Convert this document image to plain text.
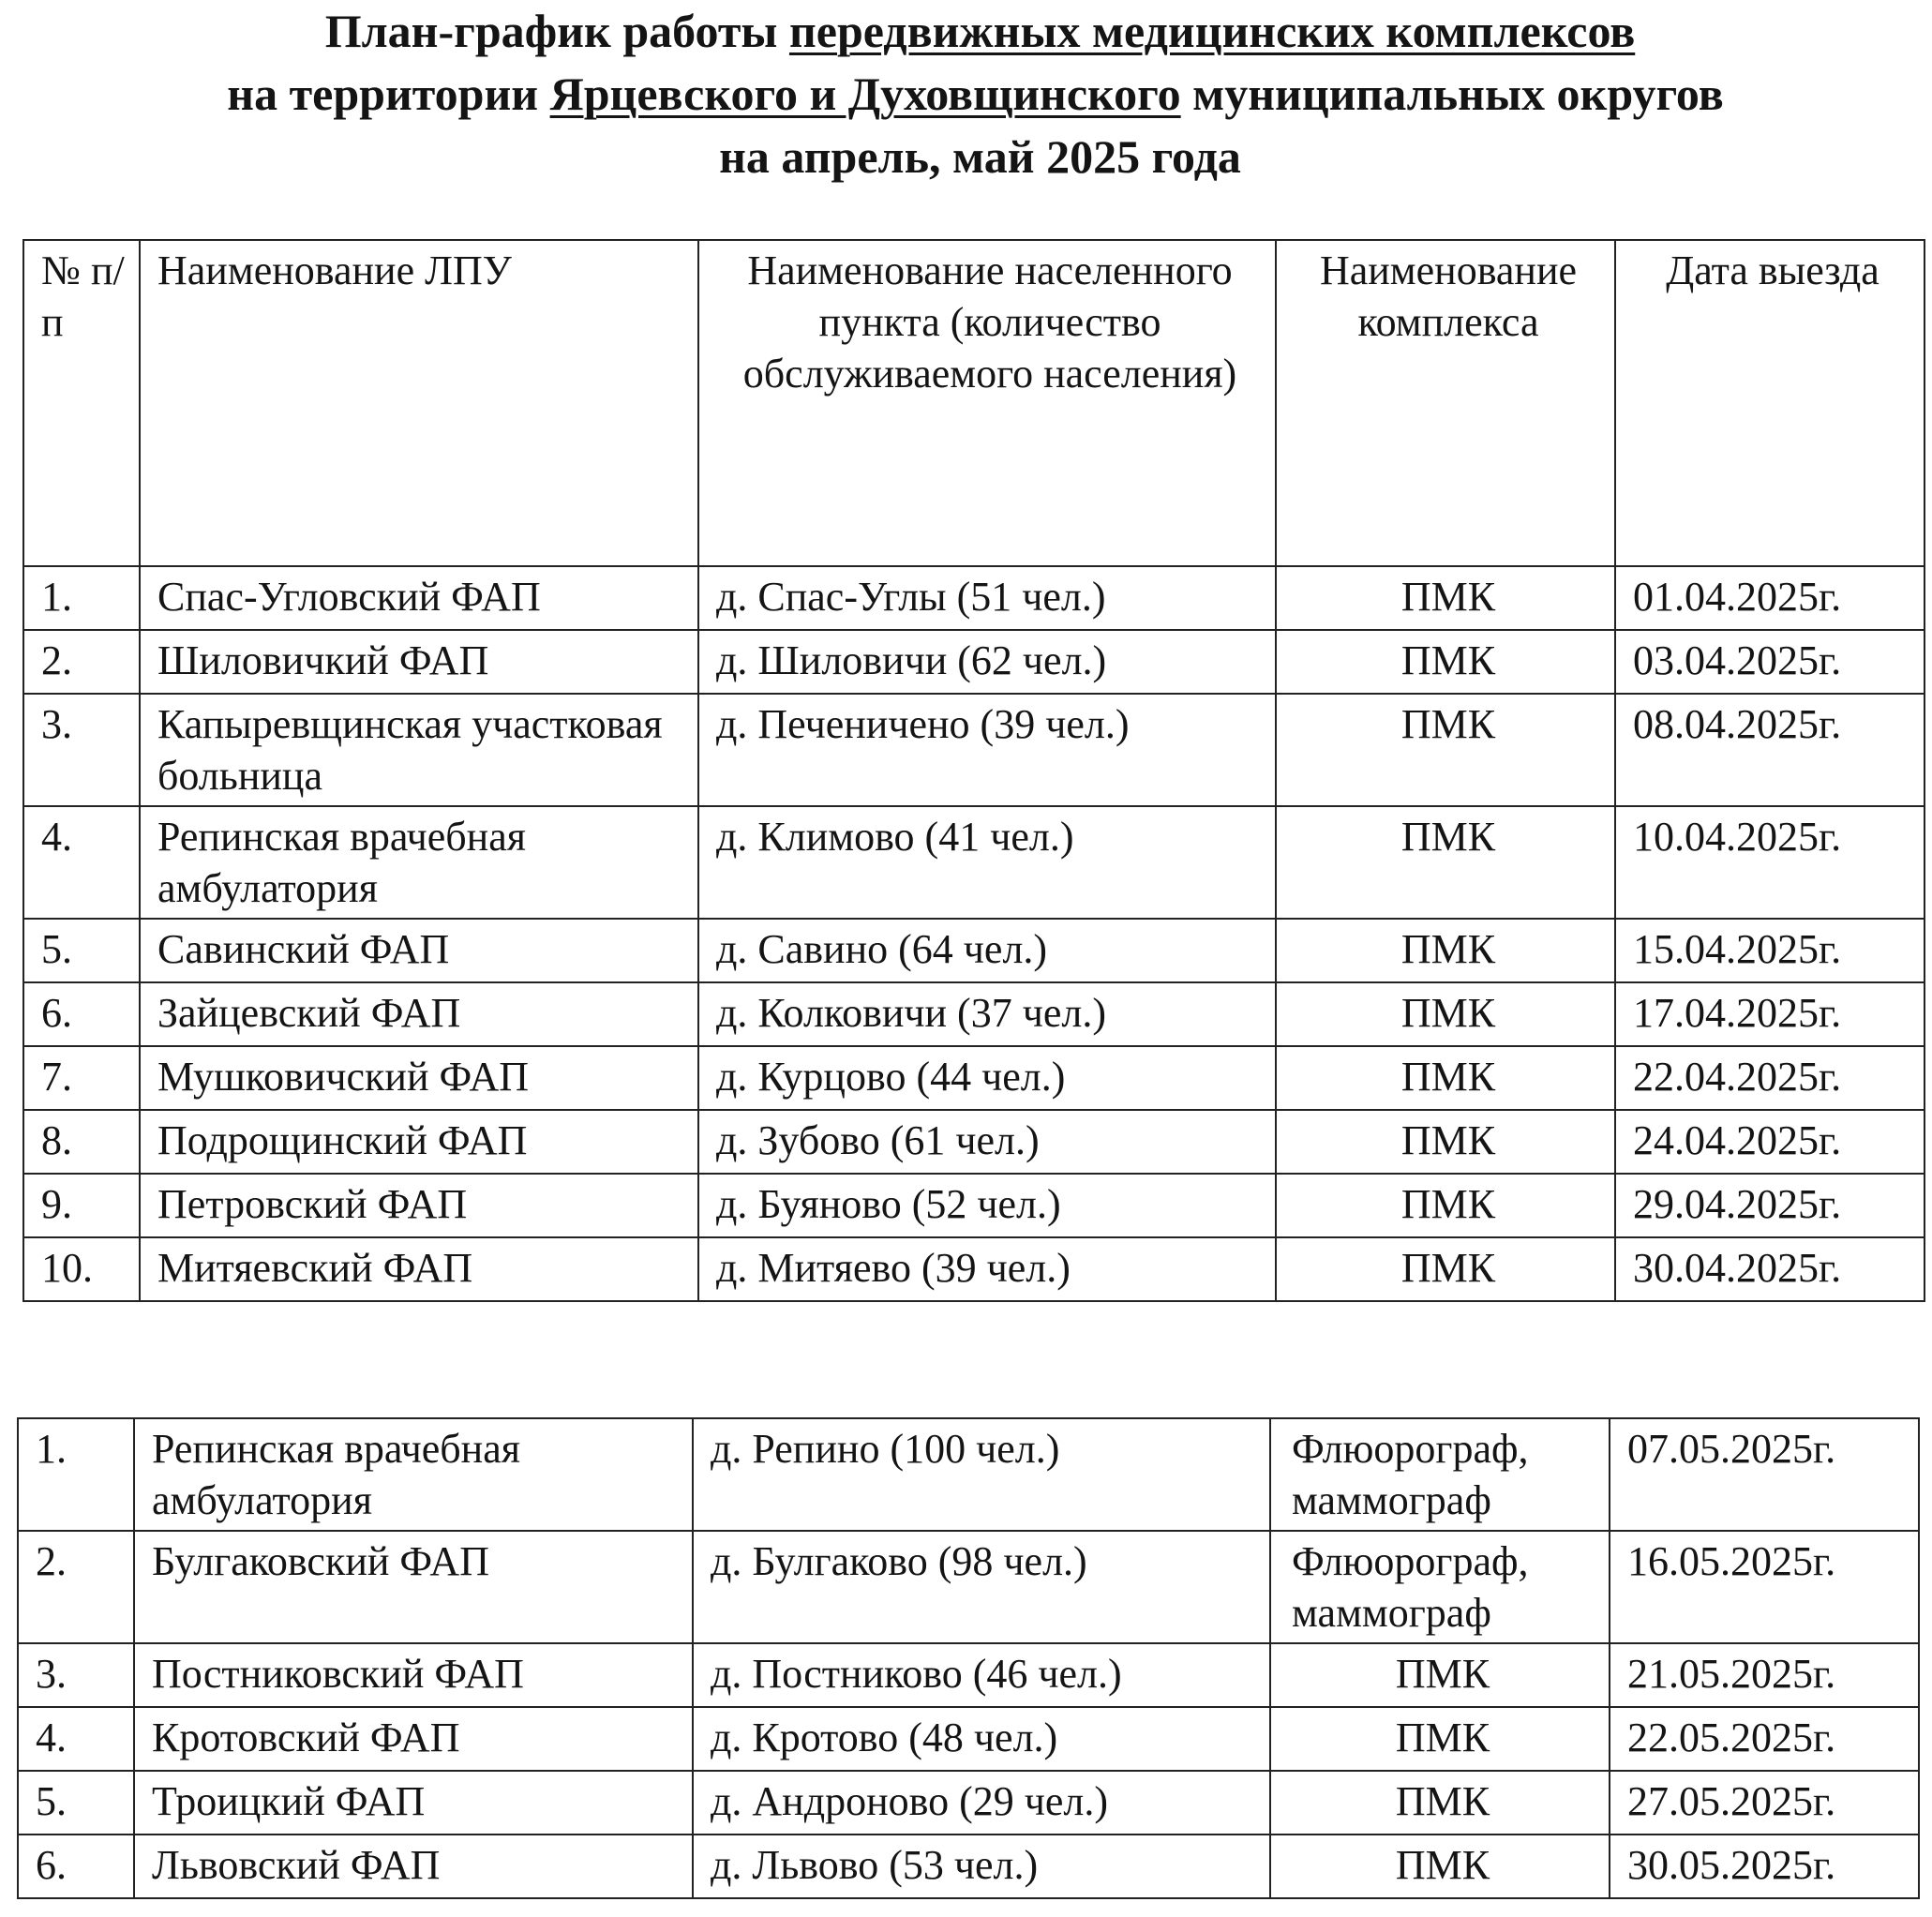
План-график работы передвижных медицинских комплексов
на территории Ярцевского и Духовщинского муниципальных округов
на апрель, май 2025 года
№ п/п	Наименование ЛПУ	Наименование населенного пункта (количество обслуживаемого населения)	Наименование комплекса	Дата выезда
1.	Спас-Угловский ФАП	д. Спас-Углы (51 чел.)	ПМК	01.04.2025г.
2.	Шиловичкий ФАП	д. Шиловичи (62 чел.)	ПМК	03.04.2025г.
3.	Капыревщинская участковая больница	д. Печеничено (39 чел.)	ПМК	08.04.2025г.
4.	Репинская врачебная амбулатория	д. Климово (41 чел.)	ПМК	10.04.2025г.
5.	Савинский ФАП	д. Савино (64 чел.)	ПМК	15.04.2025г.
6.	Зайцевский ФАП	д. Колковичи (37 чел.)	ПМК	17.04.2025г.
7.	Мушковичский ФАП	д. Курцово (44 чел.)	ПМК	22.04.2025г.
8.	Подрощинский ФАП	д. Зубово (61 чел.)	ПМК	24.04.2025г.
9.	Петровский ФАП	д. Буяново (52 чел.)	ПМК	29.04.2025г.
10.	Митяевский ФАП	д. Митяево (39 чел.)	ПМК	30.04.2025г.
1.	Репинская врачебная амбулатория	д. Репино (100 чел.)	Флюорограф, маммограф	07.05.2025г.
2.	Булгаковский ФАП	д. Булгаково (98 чел.)	Флюорограф, маммограф	16.05.2025г.
3.	Постниковский ФАП	д. Постниково (46 чел.)	ПМК	21.05.2025г.
4.	Кротовский ФАП	д. Кротово (48 чел.)	ПМК	22.05.2025г.
5.	Троицкий ФАП	д. Андроново (29 чел.)	ПМК	27.05.2025г.
6.	Львовский ФАП	д. Львово (53 чел.)	ПМК	30.05.2025г.
